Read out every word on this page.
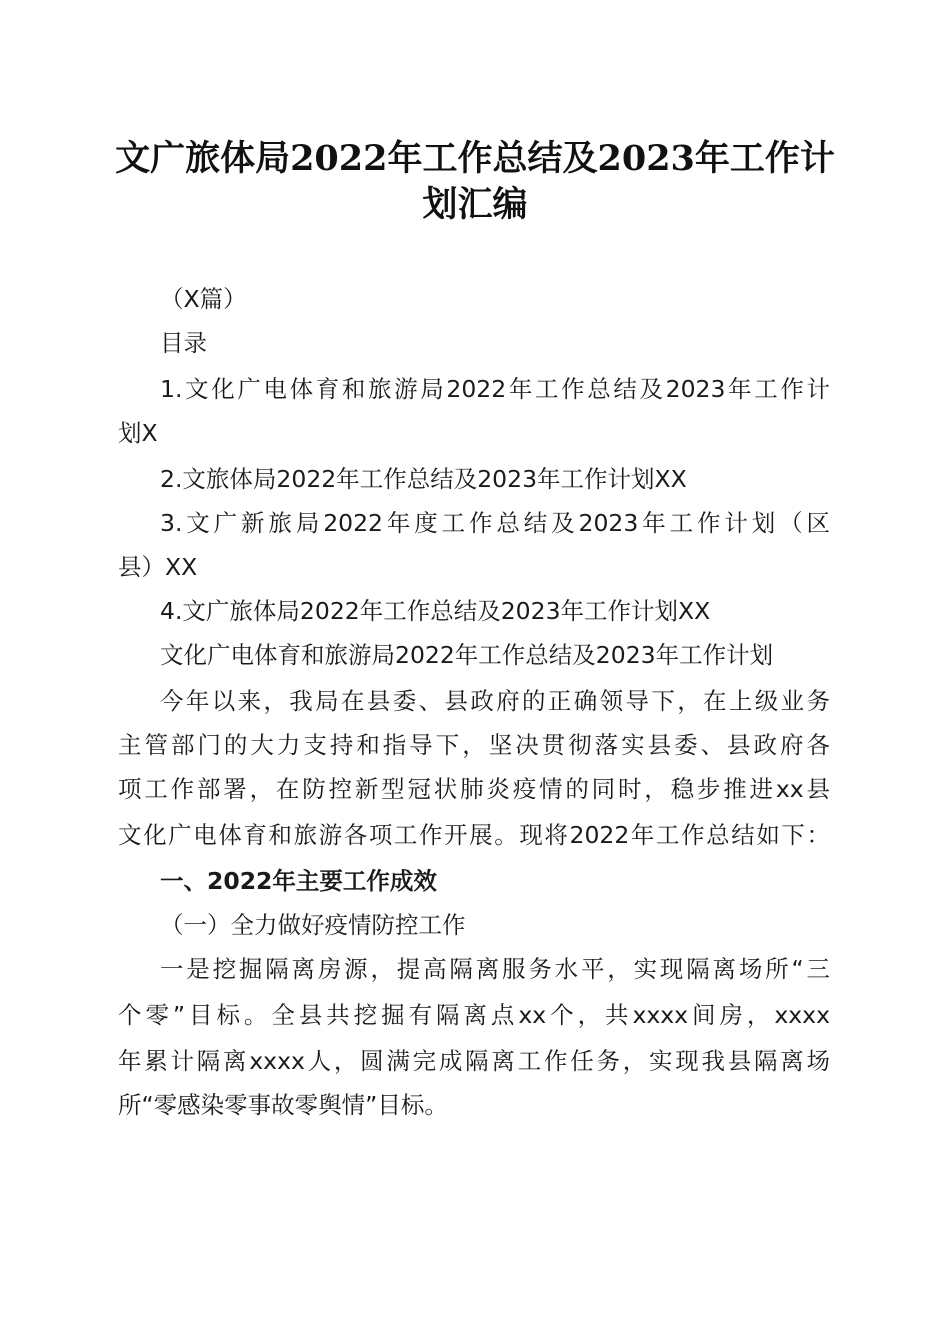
文广旅体局2022年工作总结及2023年工作计
划汇编
（X篇）
目录
1.文化广电体育和旅游局2022年工作总结及2023年工作计
划X
2.文旅体局2022年工作总结及2023年工作计划XX
3.文广新旅局2022年度工作总结及2023年工作计划（区
县）XX
4.文广旅体局2022年工作总结及2023年工作计划XX
文化广电体育和旅游局2022年工作总结及2023年工作计划
今年以来，我局在县委、县政府的正确领导下，在上级业务
主管部门的大力支持和指导下，坚决贯彻落实县委、县政府各
项工作部署，在防控新型冠状肺炎疫情的同时，稳步推进xx县
文化广电体育和旅游各项工作开展。现将2022年工作总结如下：
一、2022年主要工作成效
（一）全力做好疫情防控工作
一是挖掘隔离房源，提高隔离服务水平，实现隔离场所“三
个零”目标。全县共挖掘有隔离点xx个，共xxxx间房，xxxx
年累计隔离xxxx人，圆满完成隔离工作任务，实现我县隔离场
所“零感染零事故零舆情”目标。
